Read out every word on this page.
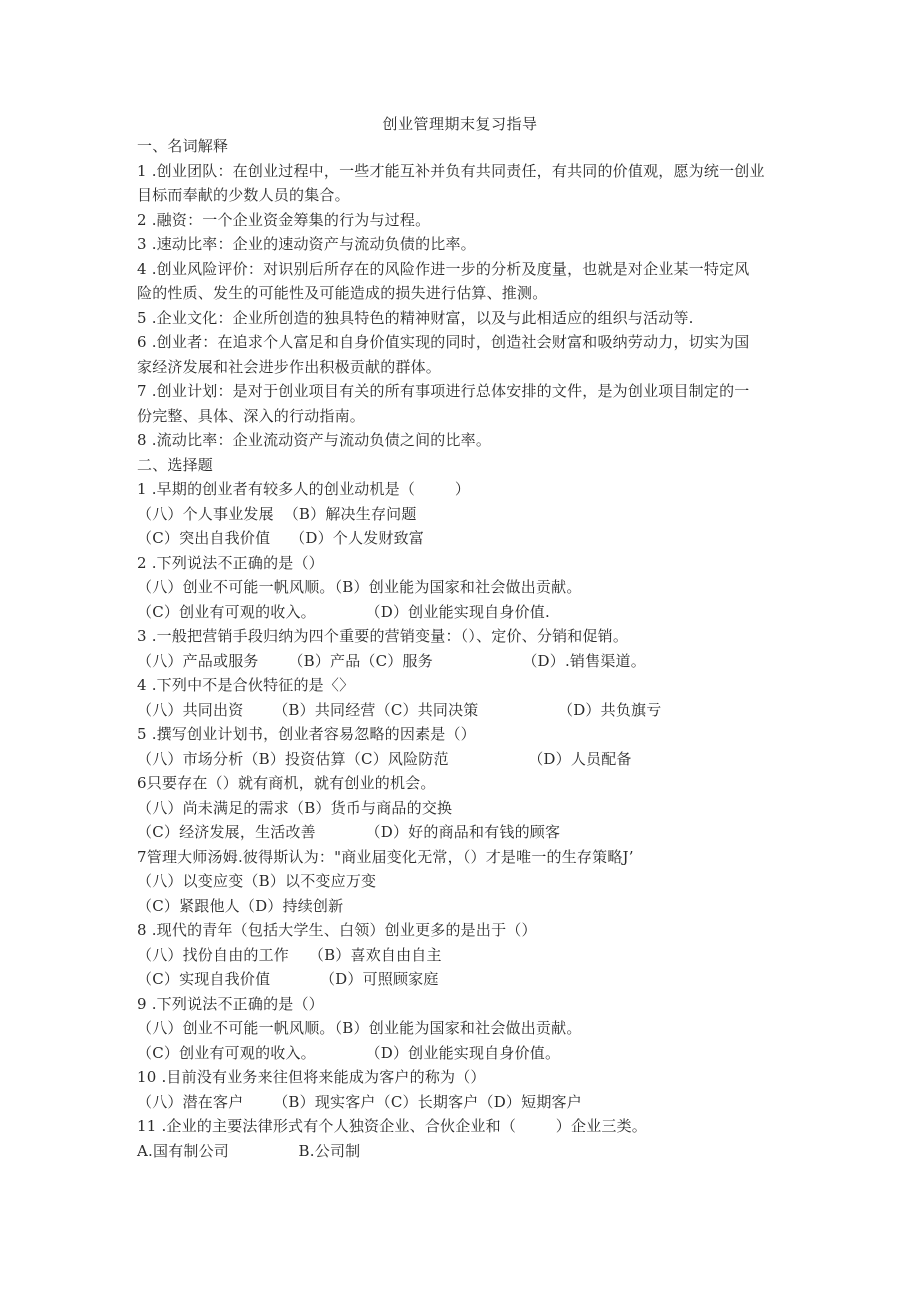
创业管理期末复习指导
一、名词解释
1 .创业团队：在创业过程中，一些才能互补并负有共同责任，有共同的价值观，愿为统一创业
目标而奉献的少数人员的集合。
2 .融资：一个企业资金筹集的行为与过程。
3 .速动比率：企业的速动资产与流动负债的比率。
4 .创业风险评价：对识别后所存在的风险作进一步的分析及度量，也就是对企业某一特定风
险的性质、发生的可能性及可能造成的损失进行估算、推测。
5 .企业文化：企业所创造的独具特色的精神财富，以及与此相适应的组织与活动等.
6 .创业者：在追求个人富足和自身价值实现的同时，创造社会财富和吸纳劳动力，切实为国
家经济发展和社会进步作出积极贡献的群体。
7 .创业计划：是对于创业项目有关的所有事项进行总体安排的文件，是为创业项目制定的一
份完整、具体、深入的行动指南。
8 .流动比率：企业流动资产与流动负债之间的比率。
二、选择题
1 .早期的创业者有较多人的创业动机是（        ）
（八）个人事业发展  （B）解决生存问题
（C）突出自我价值    （D）个人发财致富
2 .下列说法不正确的是（）
（八）创业不可能一帆风顺。（B）创业能为国家和社会做出贡献。
（C）创业有可观的收入。          （D）创业能实现自身价值.
3 .一般把营销手段归纳为四个重要的营销变量：（）、定价、分销和促销。
（八）产品或服务      （B）产品（C）服务                  （D）.销售渠道。
4 .下列中不是合伙特征的是〈〉
（八）共同出资      （B）共同经营（C）共同决策                （D）共负旗亏
5 .撰写创业计划书，创业者容易忽略的因素是（）
（八）市场分析（B）投资估算（C）风险防范                （D）人员配备
6只要存在（）就有商机，就有创业的机会。
（八）尚未满足的需求（B）货币与商品的交换
（C）经济发展，生活改善          （D）好的商品和有钱的顾客
7管理大师汤姆.彼得斯认为："商业届变化无常，（）才是唯一的生存策略J’
（八）以变应变（B）以不变应万变
（C）紧跟他人（D）持续创新
8 .现代的青年（包括大学生、白领）创业更多的是出于（）
（八）找份自由的工作    （B）喜欢自由自主
（C）实现自我价值          （D）可照顾家庭
9 .下列说法不正确的是（）
（八）创业不可能一帆风顺。（B）创业能为国家和社会做出贡献。
（C）创业有可观的收入。          （D）创业能实现自身价值。
10 .目前没有业务来往但将来能成为客户的称为（）
（八）潜在客户      （B）现实客户（C）长期客户（D）短期客户
11 .企业的主要法律形式有个人独资企业、合伙企业和（        ）企业三类。
A.国有制公司              B.公司制
